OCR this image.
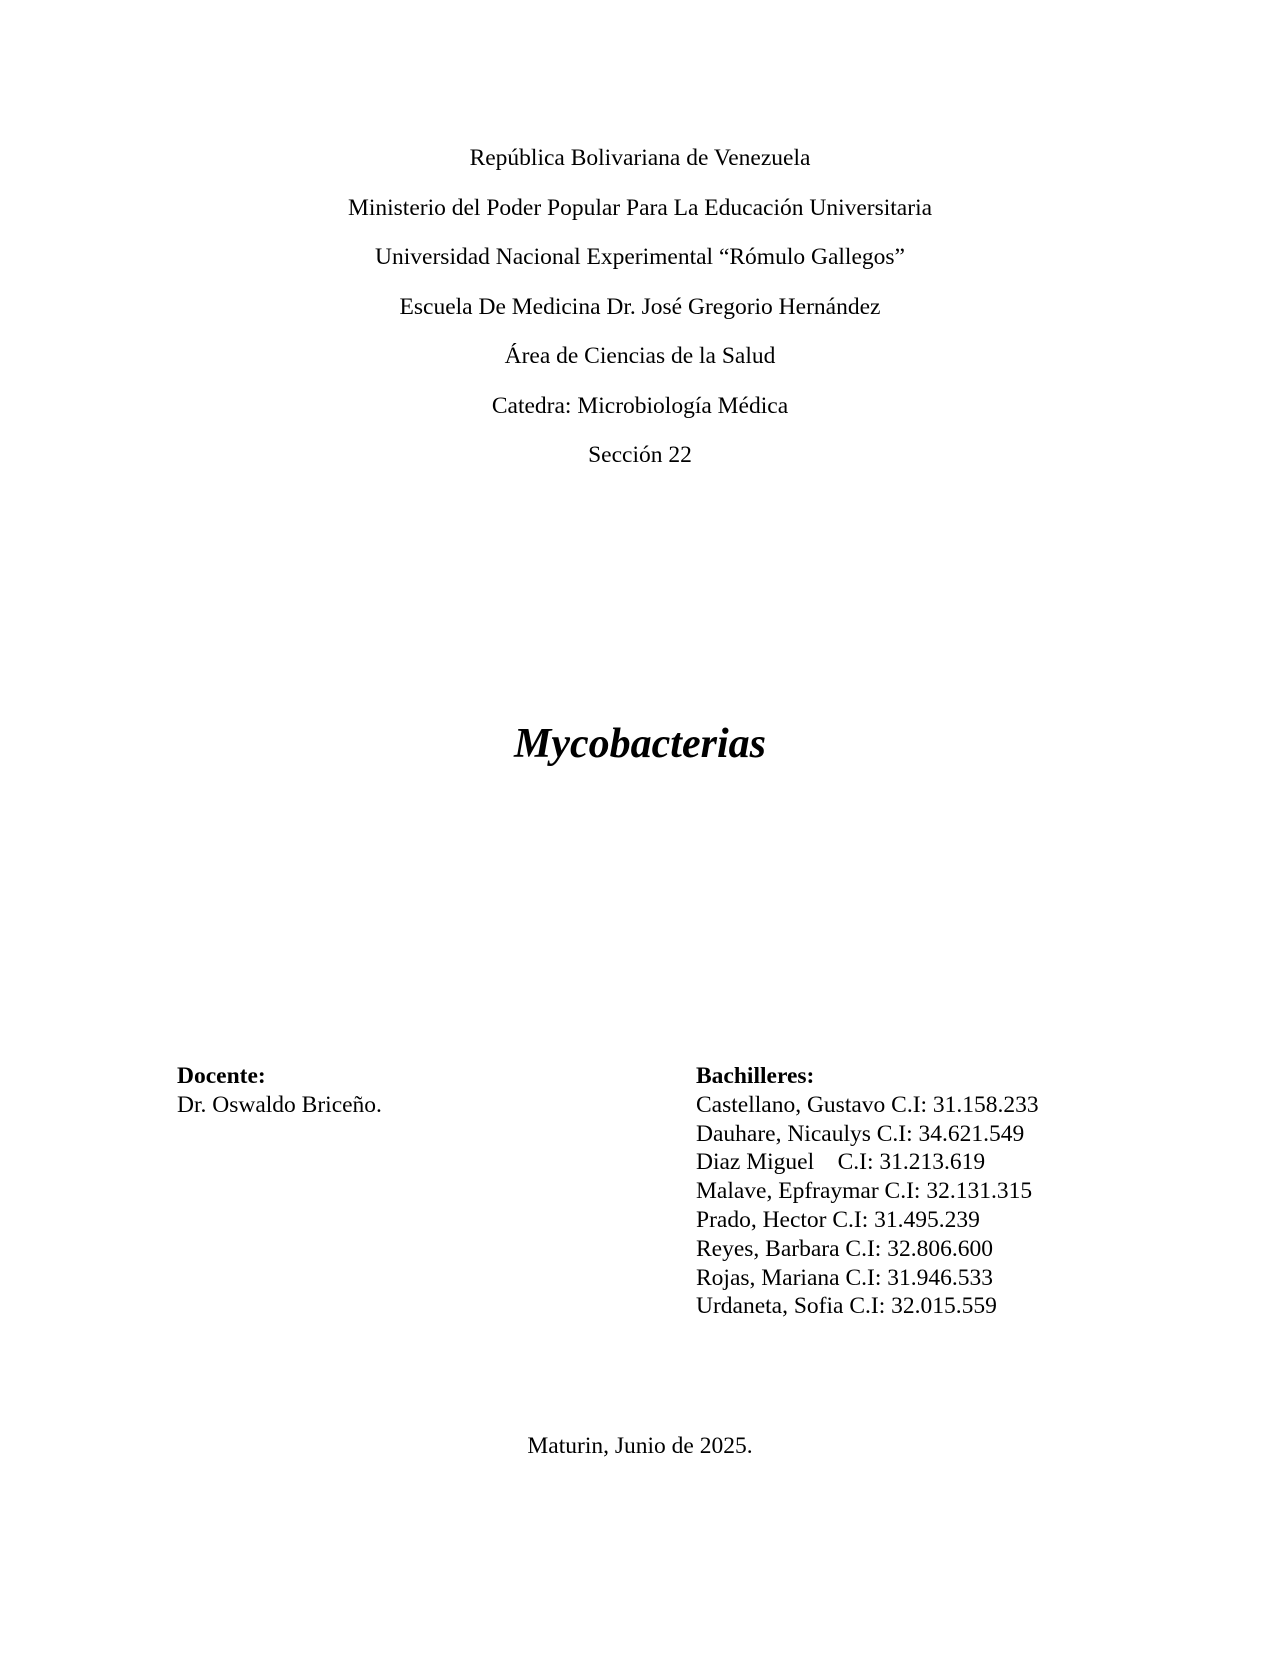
República Bolivariana de Venezuela
Ministerio del Poder Popular Para La Educación Universitaria
Universidad Nacional Experimental “Rómulo Gallegos”
Escuela De Medicina Dr. José Gregorio Hernández
Área de Ciencias de la Salud
Catedra: Microbiología Médica
Sección 22
Mycobacterias
Docente:
Dr. Oswaldo Briceño.
Bachilleres:
Castellano, Gustavo C.I: 31.158.233
Dauhare, Nicaulys C.I: 34.621.549
Diaz Miguel    C.I: 31.213.619
Malave, Epfraymar C.I: 32.131.315
Prado, Hector C.I: 31.495.239
Reyes, Barbara C.I: 32.806.600
Rojas, Mariana C.I: 31.946.533
Urdaneta, Sofia C.I: 32.015.559
Maturin, Junio de 2025.
